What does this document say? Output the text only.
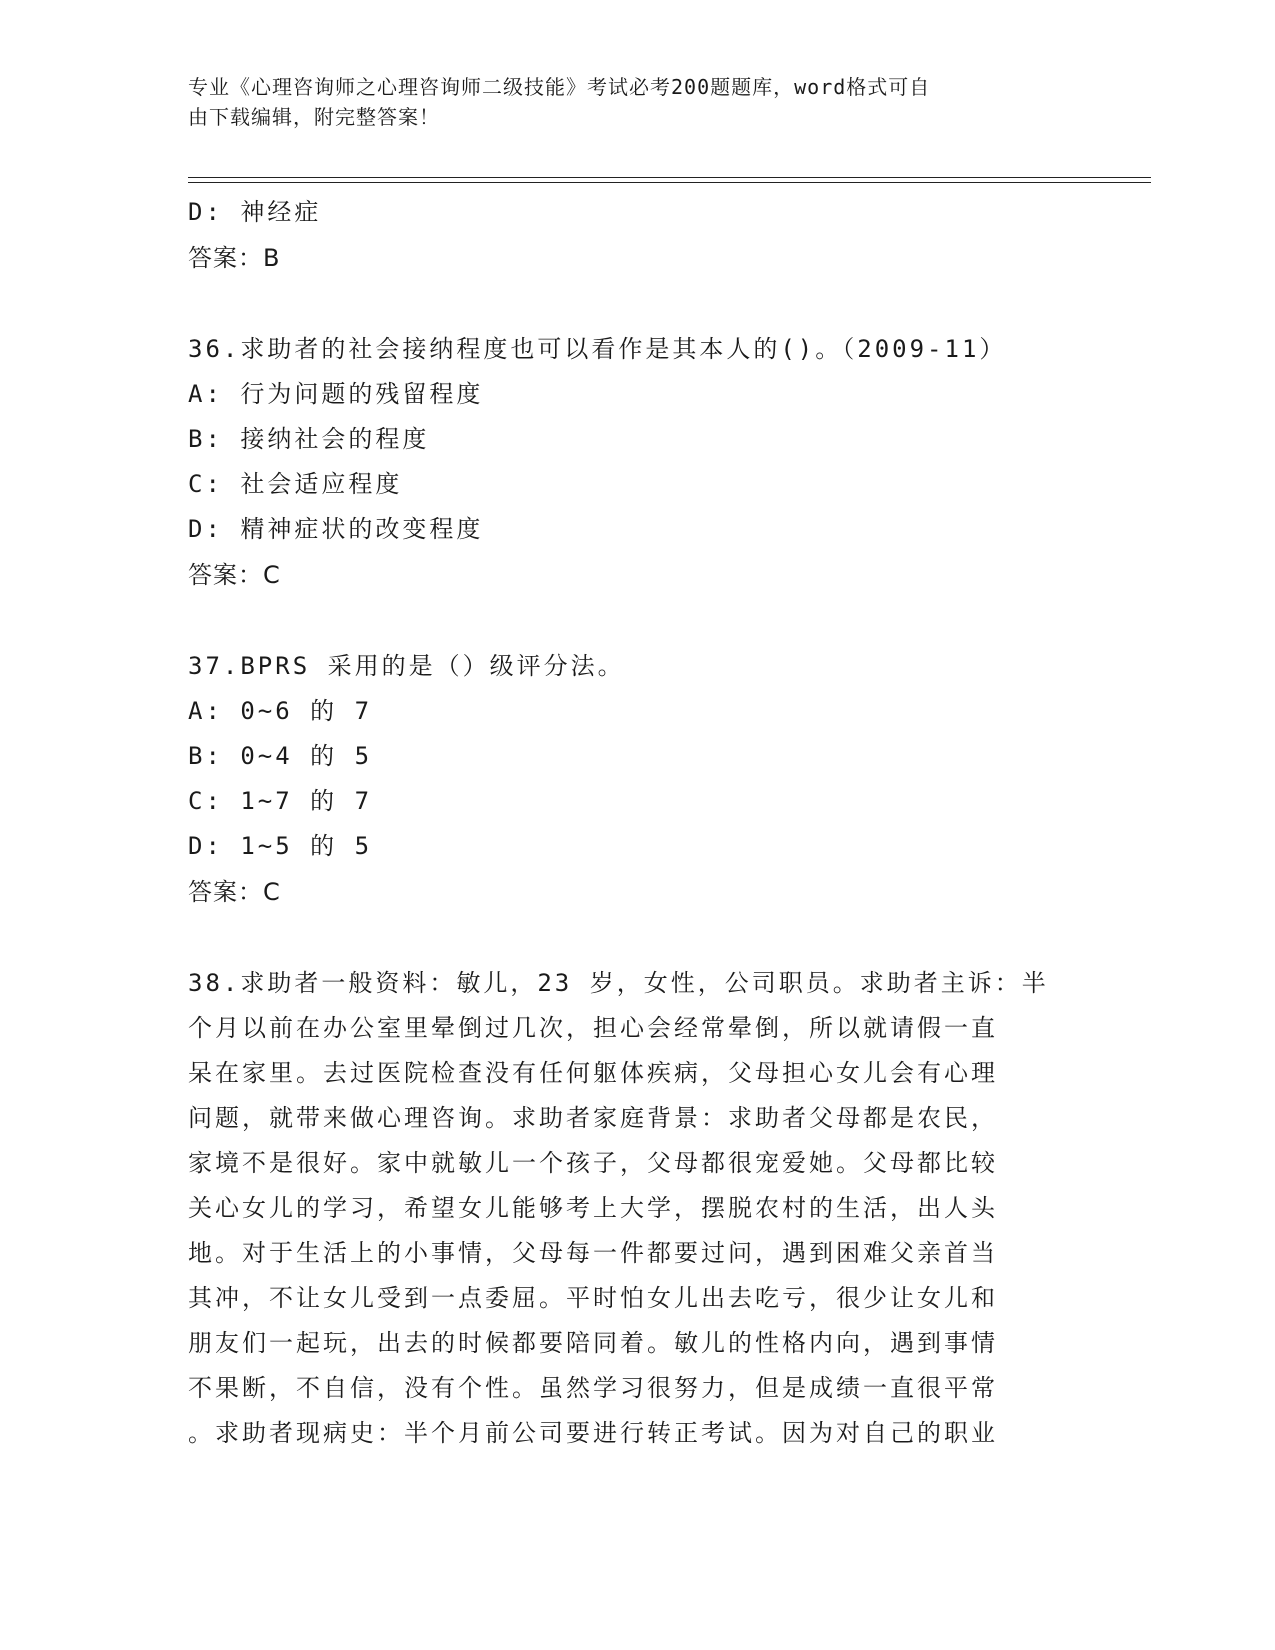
专业《心理咨询师之心理咨询师二级技能》考试必考200题题库，word格式可自
由下载编辑，附完整答案！
D: 神经症
答案：B
36.求助者的社会接纳程度也可以看作是其本人的()。（2009-11）
A: 行为问题的残留程度
B: 接纳社会的程度
C: 社会适应程度
D: 精神症状的改变程度
答案：C
37.BPRS 采用的是（）级评分法。
A: 0~6 的 7
B: 0~4 的 5
C: 1~7 的 7
D: 1~5 的 5
答案：C
38.求助者一般资料：敏儿，23 岁，女性，公司职员。求助者主诉：半
个月以前在办公室里晕倒过几次，担心会经常晕倒，所以就请假一直
呆在家里。去过医院检查没有任何躯体疾病，父母担心女儿会有心理
问题，就带来做心理咨询。求助者家庭背景：求助者父母都是农民，
家境不是很好。家中就敏儿一个孩子，父母都很宠爱她。父母都比较
关心女儿的学习，希望女儿能够考上大学，摆脱农村的生活，出人头
地。对于生活上的小事情，父母每一件都要过问，遇到困难父亲首当
其冲，不让女儿受到一点委屈。平时怕女儿出去吃亏，很少让女儿和
朋友们一起玩，出去的时候都要陪同着。敏儿的性格内向，遇到事情
不果断，不自信，没有个性。虽然学习很努力，但是成绩一直很平常
。求助者现病史：半个月前公司要进行转正考试。因为对自己的职业
